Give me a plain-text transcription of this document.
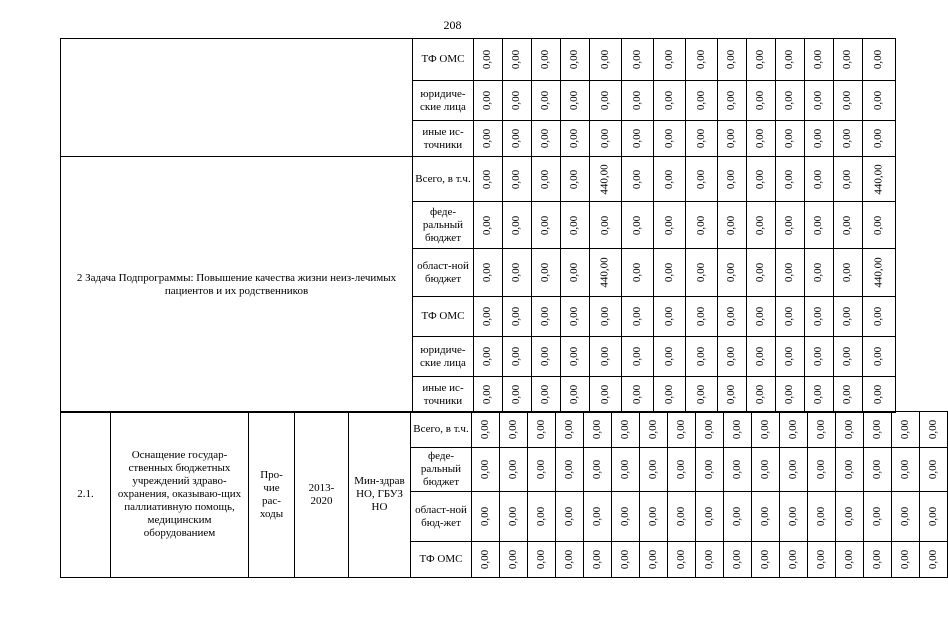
208
	ТФ ОМС	0,00	0,00	0,00	0,00	0,00	0,00	0,00	0,00	0,00	0,00	0,00	0,00	0,00	0,00
	юридиче-ские лица	0,00	0,00	0,00	0,00	0,00	0,00	0,00	0,00	0,00	0,00	0,00	0,00	0,00	0,00
	иные ис-точники	0,00	0,00	0,00	0,00	0,00	0,00	0,00	0,00	0,00	0,00	0,00	0,00	0,00	0,00
2 Задача Подпрограммы: Повышение качества жизни неиз-лечимых пациентов и их родственников	Всего, в т.ч.	0,00	0,00	0,00	0,00	440,00	0,00	0,00	0,00	0,00	0,00	0,00	0,00	0,00	440,00
	феде-ральный бюджет	0,00	0,00	0,00	0,00	0,00	0,00	0,00	0,00	0,00	0,00	0,00	0,00	0,00	0,00
	област-ной бюджет	0,00	0,00	0,00	0,00	440,00	0,00	0,00	0,00	0,00	0,00	0,00	0,00	0,00	440,00
	ТФ ОМС	0,00	0,00	0,00	0,00	0,00	0,00	0,00	0,00	0,00	0,00	0,00	0,00	0,00	0,00
	юридиче-ские лица	0,00	0,00	0,00	0,00	0,00	0,00	0,00	0,00	0,00	0,00	0,00	0,00	0,00	0,00
	иные ис-точники	0,00	0,00	0,00	0,00	0,00	0,00	0,00	0,00	0,00	0,00	0,00	0,00	0,00	0,00
2.1.	Оснащение государ-ственных бюджетных учреждений здраво-охранения, оказываю-щих паллиативную помощь, медицинским оборудованием	Про-чие рас-ходы	2013-2020	Мин-здрав НО, ГБУЗ НО	Всего, в т.ч.	0,00	0,00	0,00	0,00	0,00	0,00	0,00	0,00	0,00	0,00	0,00	0,00	0,00	0,00	0,00	0,00	0,00
					феде-ральный бюджет	0,00	0,00	0,00	0,00	0,00	0,00	0,00	0,00	0,00	0,00	0,00	0,00	0,00	0,00	0,00	0,00	0,00
					област-ной бюд-жет	0,00	0,00	0,00	0,00	0,00	0,00	0,00	0,00	0,00	0,00	0,00	0,00	0,00	0,00	0,00	0,00	0,00
					ТФ ОМС	0,00	0,00	0,00	0,00	0,00	0,00	0,00	0,00	0,00	0,00	0,00	0,00	0,00	0,00	0,00	0,00	0,00
